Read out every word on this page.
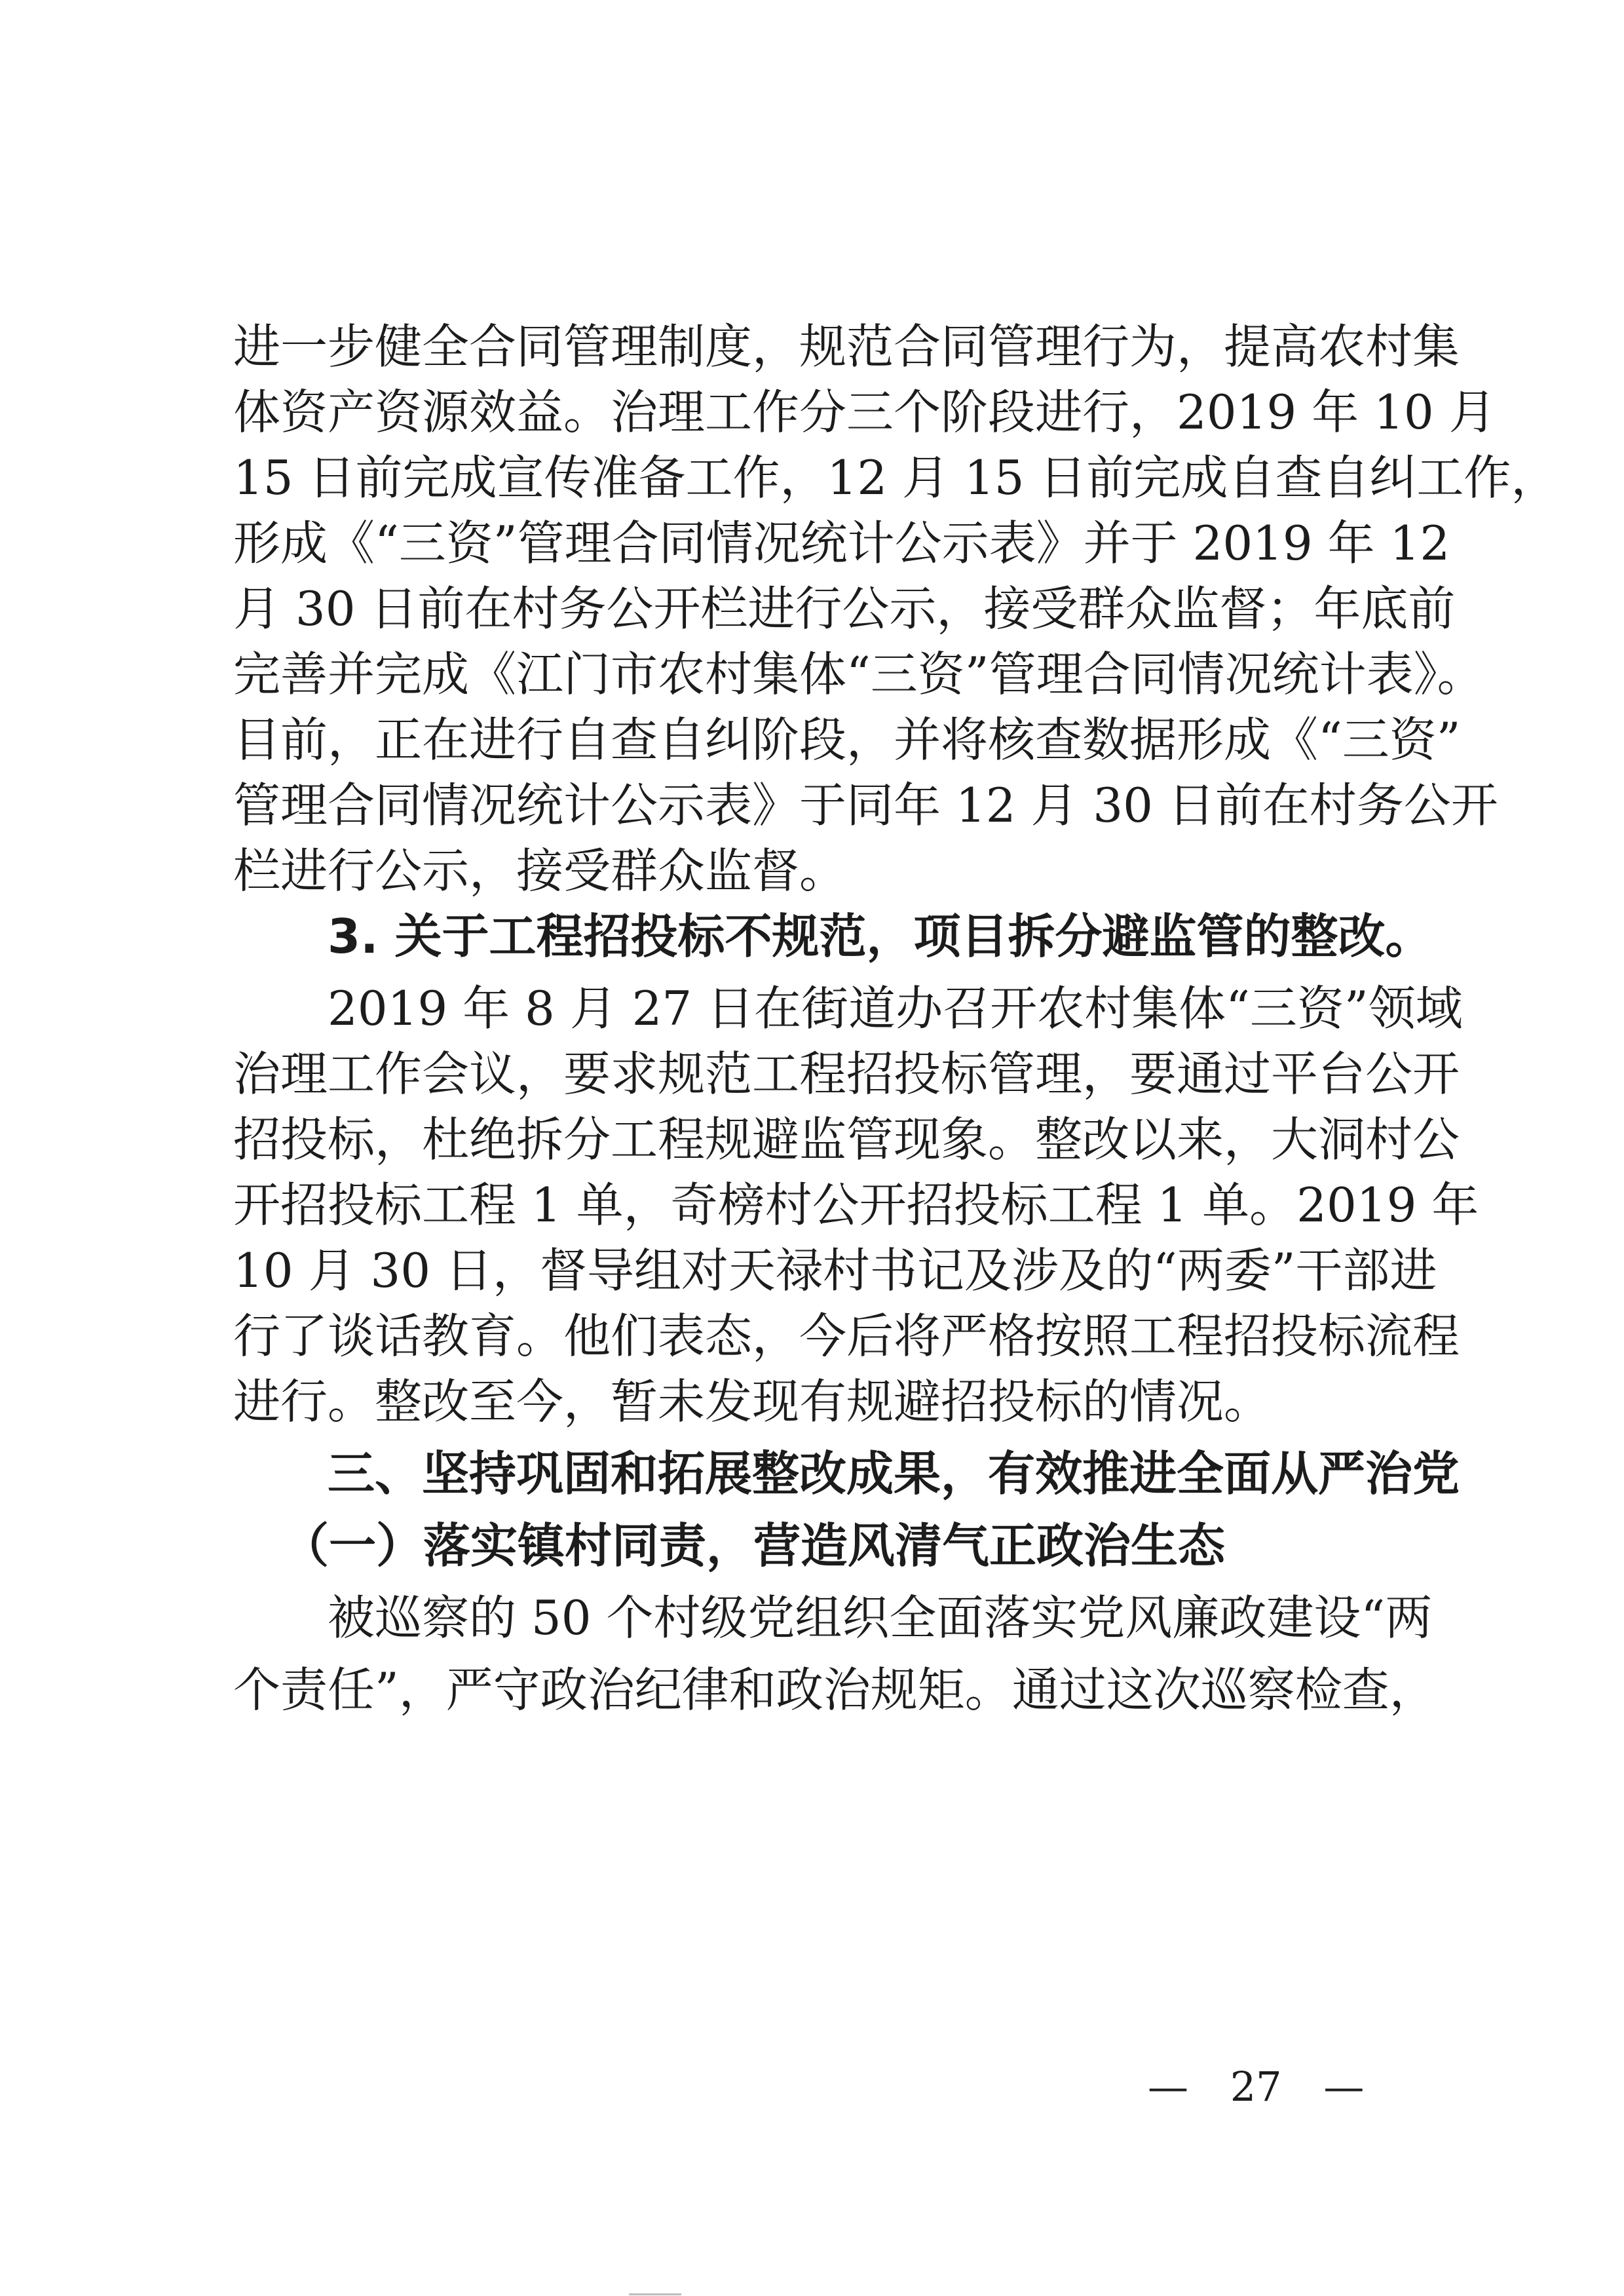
进一步健全合同管理制度，规范合同管理行为，提高农村集
体资产资源效益。治理工作分三个阶段进行，2019 年 10 月
15 日前完成宣传准备工作，12 月 15 日前完成自查自纠工作，
形成《“三资”管理合同情况统计公示表》并于 2019 年 12
月 30 日前在村务公开栏进行公示，接受群众监督；年底前
完善并完成《江门市农村集体“三资”管理合同情况统计表》。
目前，正在进行自查自纠阶段，并将核查数据形成《“三资”
管理合同情况统计公示表》于同年 12 月 30 日前在村务公开
栏进行公示，接受群众监督。
3. 关于工程招投标不规范，项目拆分避监管的整改。
2019 年 8 月 27 日在街道办召开农村集体“三资”领域
治理工作会议，要求规范工程招投标管理，要通过平台公开
招投标，杜绝拆分工程规避监管现象。整改以来，大洞村公
开招投标工程 1 单，奇榜村公开招投标工程 1 单。2019 年
10 月 30 日，督导组对天禄村书记及涉及的“两委”干部进
行了谈话教育。他们表态，今后将严格按照工程招投标流程
进行。整改至今，暂未发现有规避招投标的情况。
三、坚持巩固和拓展整改成果，有效推进全面从严治党
（一）落实镇村同责，营造风清气正政治生态
被巡察的 50 个村级党组织全面落实党风廉政建设“两
个责任”，严守政治纪律和政治规矩。通过这次巡察检查，
— 27 —
